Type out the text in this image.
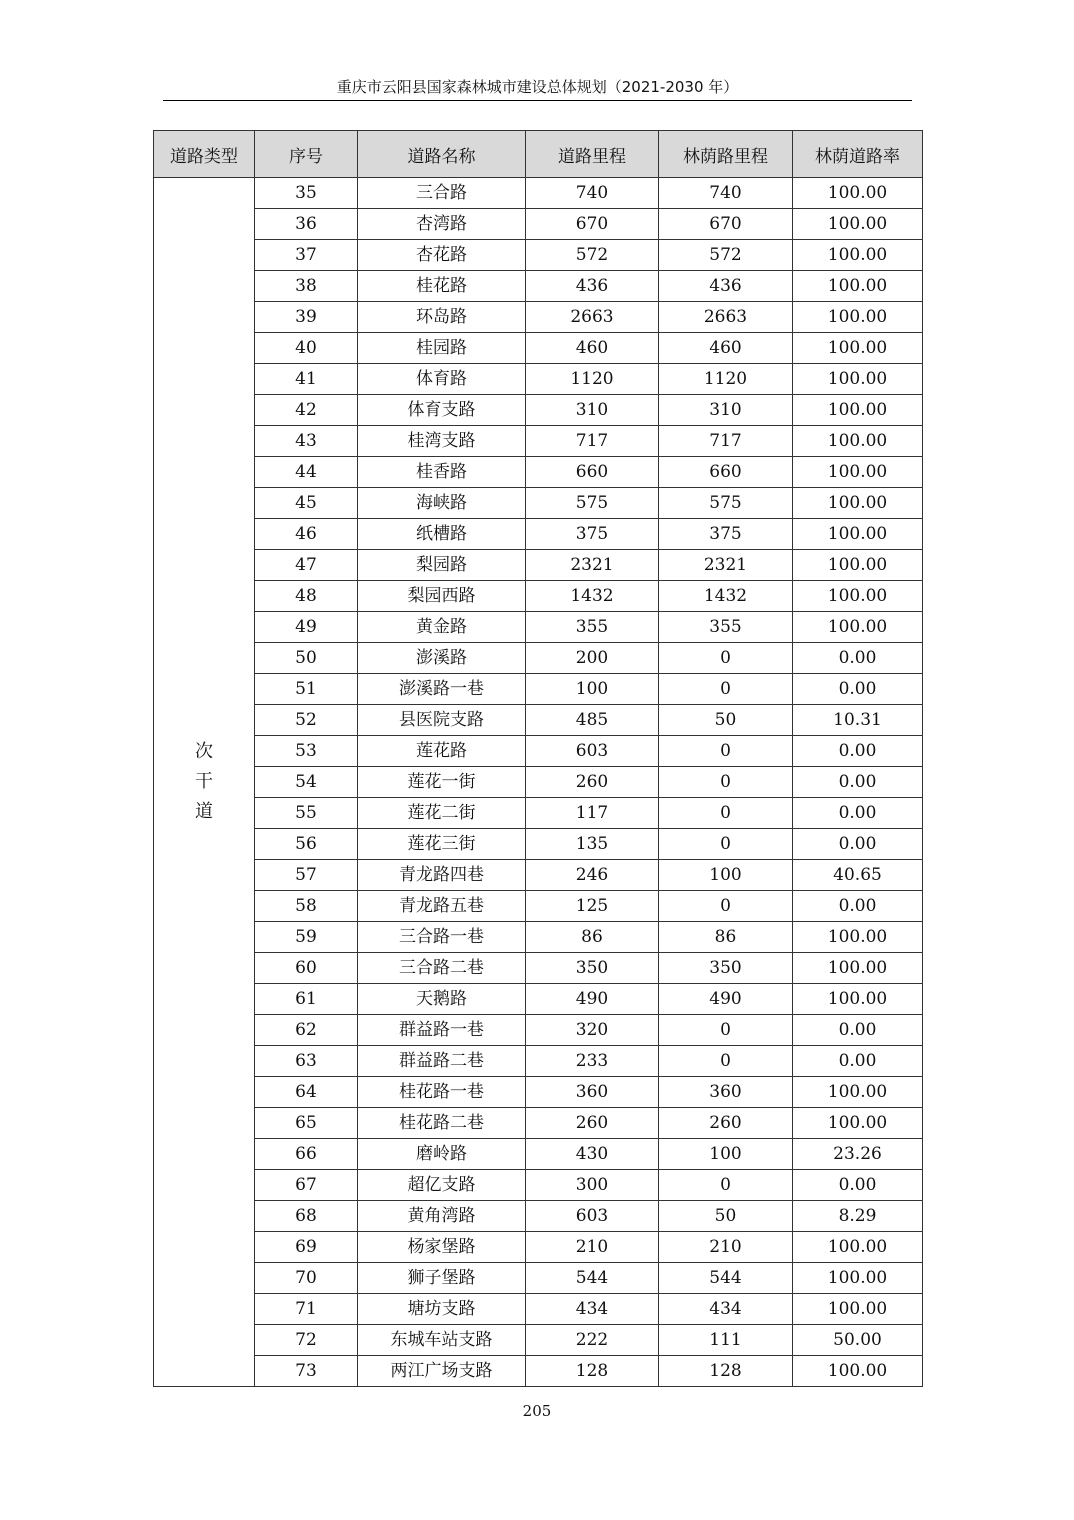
重庆市云阳县国家森林城市建设总体规划（2021-2030 年）
道路类型	序号	道路名称	道路里程	林荫路里程	林荫道路率
次干道	35	三合路	740	740	100.00
	36	杏湾路	670	670	100.00
	37	杏花路	572	572	100.00
	38	桂花路	436	436	100.00
	39	环岛路	2663	2663	100.00
	40	桂园路	460	460	100.00
	41	体育路	1120	1120	100.00
	42	体育支路	310	310	100.00
	43	桂湾支路	717	717	100.00
	44	桂香路	660	660	100.00
	45	海峡路	575	575	100.00
	46	纸槽路	375	375	100.00
	47	梨园路	2321	2321	100.00
	48	梨园西路	1432	1432	100.00
	49	黄金路	355	355	100.00
	50	澎溪路	200	0	0.00
	51	澎溪路一巷	100	0	0.00
	52	县医院支路	485	50	10.31
	53	莲花路	603	0	0.00
	54	莲花一街	260	0	0.00
	55	莲花二街	117	0	0.00
	56	莲花三街	135	0	0.00
	57	青龙路四巷	246	100	40.65
	58	青龙路五巷	125	0	0.00
	59	三合路一巷	86	86	100.00
	60	三合路二巷	350	350	100.00
	61	天鹅路	490	490	100.00
	62	群益路一巷	320	0	0.00
	63	群益路二巷	233	0	0.00
	64	桂花路一巷	360	360	100.00
	65	桂花路二巷	260	260	100.00
	66	磨岭路	430	100	23.26
	67	超亿支路	300	0	0.00
	68	黄角湾路	603	50	8.29
	69	杨家堡路	210	210	100.00
	70	狮子堡路	544	544	100.00
	71	塘坊支路	434	434	100.00
	72	东城车站支路	222	111	50.00
	73	两江广场支路	128	128	100.00
205
